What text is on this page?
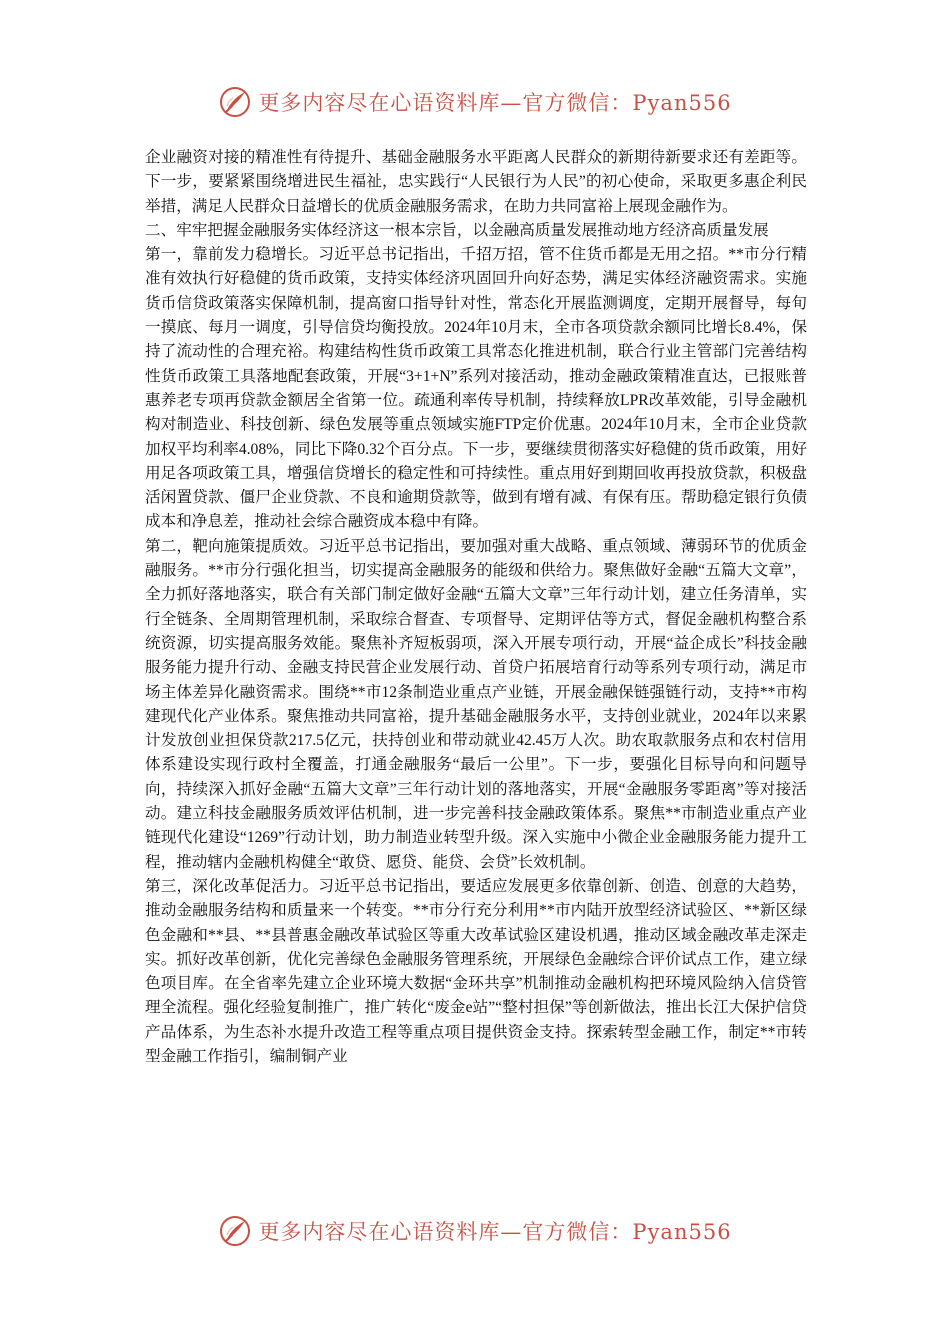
更多内容尽在心语资料库—官方微信：Pyan556

企业融资对接的精准性有待提升、基础金融服务水平距离人民群众的新期待新要求还有差距等。下一步，要紧紧围绕增进民生福祉，忠实践行“人民银行为人民”的初心使命，采取更多惠企利民举措，满足人民群众日益增长的优质金融服务需求，在助力共同富裕上展现金融作为。

二、牢牢把握金融服务实体经济这一根本宗旨，以金融高质量发展推动地方经济高质量发展

第一，靠前发力稳增长。习近平总书记指出，千招万招，管不住货币都是无用之招。**市分行精准有效执行好稳健的货币政策，支持实体经济巩固回升向好态势，满足实体经济融资需求。实施货币信贷政策落实保障机制，提高窗口指导针对性，常态化开展监测调度，定期开展督导，每旬一摸底、每月一调度，引导信贷均衡投放。2024年10月末，全市各项贷款余额同比增长8.4%，保持了流动性的合理充裕。构建结构性货币政策工具常态化推进机制，联合行业主管部门完善结构性货币政策工具落地配套政策，开展“3+1+N”系列对接活动，推动金融政策精准直达，已报账普惠养老专项再贷款金额居全省第一位。疏通利率传导机制，持续释放LPR改革效能，引导金融机构对制造业、科技创新、绿色发展等重点领域实施FTP定价优惠。2024年10月末，全市企业贷款加权平均利率4.08%，同比下降0.32个百分点。下一步，要继续贯彻落实好稳健的货币政策，用好用足各项政策工具，增强信贷增长的稳定性和可持续性。重点用好到期回收再投放贷款，积极盘活闲置贷款、僵尸企业贷款、不良和逾期贷款等，做到有增有减、有保有压。帮助稳定银行负债成本和净息差，推动社会综合融资成本稳中有降。

第二，靶向施策提质效。习近平总书记指出，要加强对重大战略、重点领域、薄弱环节的优质金融服务。**市分行强化担当，切实提高金融服务的能级和供给力。聚焦做好金融“五篇大文章”，全力抓好落地落实，联合有关部门制定做好金融“五篇大文章”三年行动计划，建立任务清单，实行全链条、全周期管理机制，采取综合督查、专项督导、定期评估等方式，督促金融机构整合系统资源，切实提高服务效能。聚焦补齐短板弱项，深入开展专项行动，开展“益企成长”科技金融服务能力提升行动、金融支持民营企业发展行动、首贷户拓展培育行动等系列专项行动，满足市场主体差异化融资需求。围绕**市12条制造业重点产业链，开展金融保链强链行动，支持**市构建现代化产业体系。聚焦推动共同富裕，提升基础金融服务水平，支持创业就业，2024年以来累计发放创业担保贷款217.5亿元，扶持创业和带动就业42.45万人次。助农取款服务点和农村信用体系建设实现行政村全覆盖，打通金融服务“最后一公里”。下一步，要强化目标导向和问题导向，持续深入抓好金融“五篇大文章”三年行动计划的落地落实，开展“金融服务零距离”等对接活动。建立科技金融服务质效评估机制，进一步完善科技金融政策体系。聚焦**市制造业重点产业链现代化建设“1269”行动计划，助力制造业转型升级。深入实施中小微企业金融服务能力提升工程，推动辖内金融机构健全“敢贷、愿贷、能贷、会贷”长效机制。

第三，深化改革促活力。习近平总书记指出，要适应发展更多依靠创新、创造、创意的大趋势，推动金融服务结构和质量来一个转变。**市分行充分利用**市内陆开放型经济试验区、**新区绿色金融和**县、**县普惠金融改革试验区等重大改革试验区建设机遇，推动区域金融改革走深走实。抓好改革创新，优化完善绿色金融服务管理系统，开展绿色金融综合评价试点工作，建立绿色项目库。在全省率先建立企业环境大数据“金环共享”机制推动金融机构把环境风险纳入信贷管理全流程。强化经验复制推广，推广转化“废金e站”“整村担保”等创新做法，推出长江大保护信贷产品体系，为生态补水提升改造工程等重点项目提供资金支持。探索转型金融工作，制定**市转型金融工作指引，编制铜产业

更多内容尽在心语资料库—官方微信：Pyan556
